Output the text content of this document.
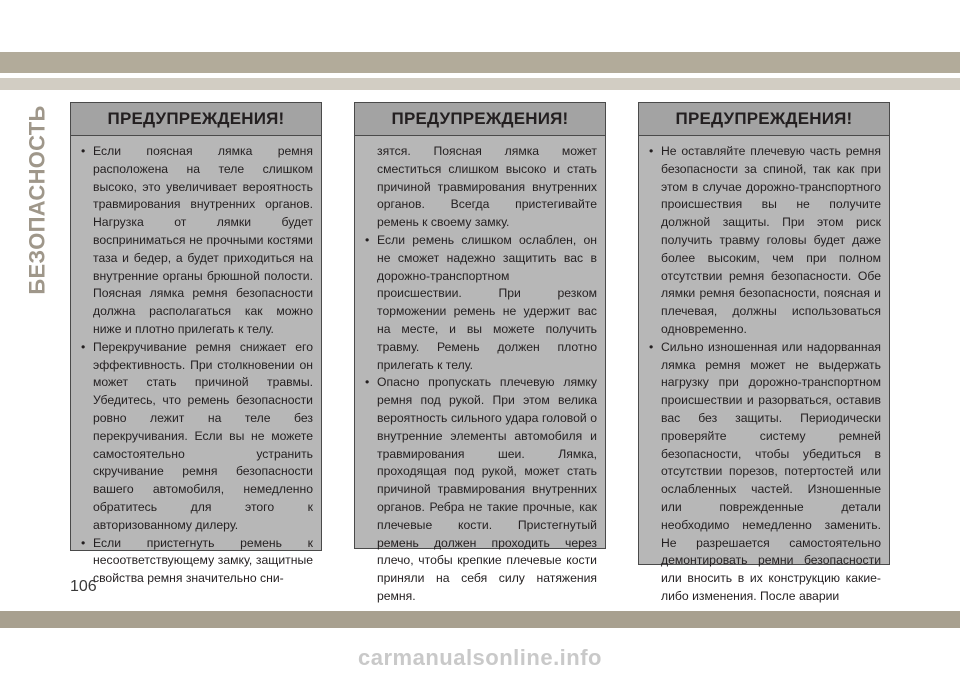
БЕЗОПАСНОСТЬ	ПРЕДУПРЕЖДЕНИЯ!
• Если поясная лямка ремня расположена на теле слишком высоко, это увеличивает вероятность травмирования внутренних органов. Нагрузка от лямки будет восприниматься не прочными костями таза и бедер, а будет приходиться на внутренние органы брюшной полости. Поясная лямка ремня безопасности должна располагаться как можно ниже и плотно прилегать к телу.
• Перекручивание ремня снижает его эффективность. При столкновении он может стать причиной травмы. Убедитесь, что ремень безопасности ровно лежит на теле без перекручивания. Если вы не можете самостоятельно устранить скручивание ремня безопасности вашего автомобиля, немедленно обратитесь для этого к авторизованному дилеру.
• Если пристегнуть ремень к несоответствующему замку, защитные свойства ремня значительно сни-
ПРЕДУПРЕЖДЕНИЯ!
зятся. Поясная лямка может сместиться слишком высоко и стать причиной травмирования внутренних органов. Всегда пристегивайте ремень к своему замку.
• Если ремень слишком ослаблен, он не сможет надежно защитить вас в дорожно-транспортном происшествии. При резком торможении ремень не удержит вас на месте, и вы можете получить травму. Ремень должен плотно прилегать к телу.
• Опасно пропускать плечевую лямку ремня под рукой. При этом велика вероятность сильного удара головой о внутренние элементы автомобиля и травмирования шеи. Лямка, проходящая под рукой, может стать причиной травмирования внутренних органов. Ребра не такие прочные, как плечевые кости. Пристегнутый ремень должен проходить через плечо, чтобы крепкие плечевые кости приняли на себя силу натяжения ремня.
ПРЕДУПРЕЖДЕНИЯ!
• Не оставляйте плечевую часть ремня безопасности за спиной, так как при этом в случае дорожно-транспортного происшествия вы не получите должной защиты. При этом риск получить травму головы будет даже более высоким, чем при полном отсутствии ремня безопасности. Обе лямки ремня безопасности, поясная и плечевая, должны использоваться одновременно.
• Сильно изношенная или надорванная лямка ремня может не выдержать нагрузку при дорожно-транспортном происшествии и разорваться, оставив вас без защиты. Периодически проверяйте систему ремней безопасности, чтобы убедиться в отсутствии порезов, потертостей или ослабленных частей. Изношенные или поврежденные детали необходимо немедленно заменить. Не разрешается самостоятельно демонтировать ремни безопасности или вносить в их конструкцию какие-либо изменения. После аварии
106
carmanualsonline.info
